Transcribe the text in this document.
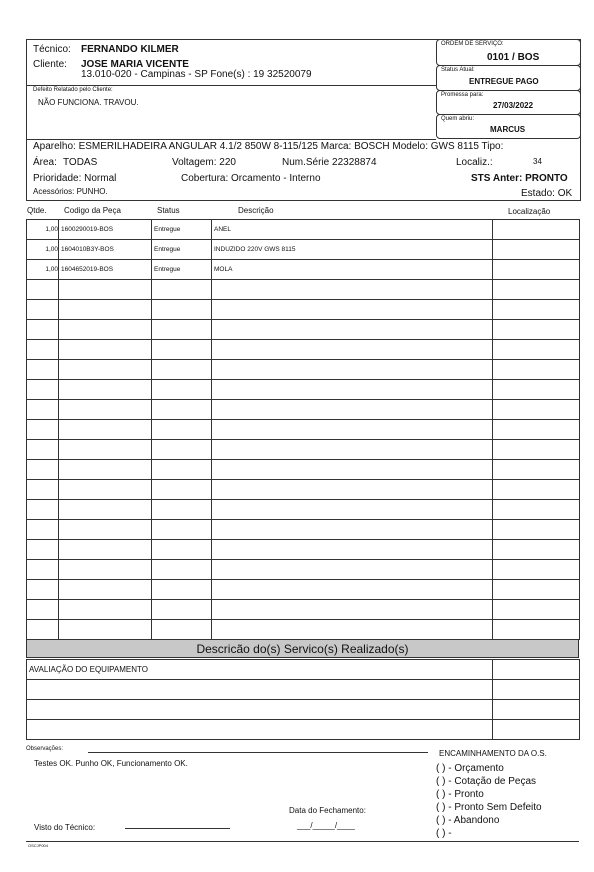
Técnico: FERNANDO KILMER
Cliente: JOSE MARIA VICENTE
13.010-020 - Campinas - SP Fone(s) : 19 32520079
Defeito Relatado pelo Cliente:
NÃO FUNCIONA. TRAVOU.
ORDEM DE SERVIÇO:
0101 / BOS
Status Atual:
ENTREGUE PAGO
Promessa para:
27/03/2022
Quem abriu:
MARCUS
Aparelho: ESMERILHADEIRA ANGULAR 4.1/2 850W 8-115/125 Marca: BOSCH Modelo: GWS 8115 Tipo:
Área: TODAS	Voltagem: 220	Num.Série 22328874	Localiz.:	34
Prioridade: Normal	Cobertura: Orcamento - Interno	STS Anter: PRONTO
Acessórios: PUNHO.	Estado: OK
Qtde. Codigo da Peça	Status	Descrição	Localização
1,00	1600290019-BOS	Entregue	ANEL	
1,00	1604010B3Y-BOS	Entregue	INDUZIDO 220V GWS 8115	
1,00	1604652019-BOS	Entregue	MOLA	

Descricão do(s) Servico(s) Realizado(s)
AVALIAÇÃO DO EQUIPAMENTO	

Observações:
Testes OK. Punho OK, Funcionamento OK.
ENCAMINHAMENTO DA O.S.
( ) - Orçamento
( ) - Cotação de Peças
( ) - Pronto
( ) - Pronto Sem Defeito
( ) - Abandono
( ) -
Data do Fechamento:
___/_____/____
Visto do Técnico:
OSCJP004
